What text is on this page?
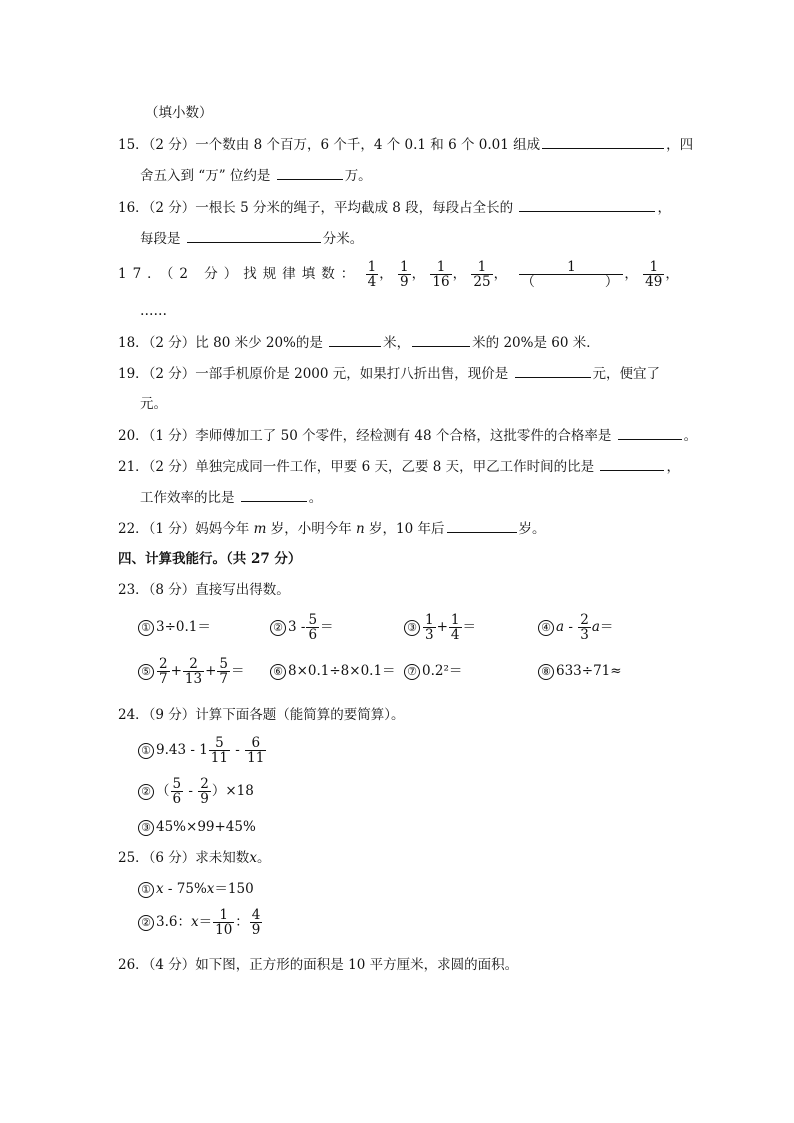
（填小数）
15．（2 分）一个数由 8 个百万，6 个千，4 个 0.1 和 6 个 0.01 组成	，四
舍五入到 “万” 位约是	万。
16．（2 分）一根长 5 分米的绳子，平均截成 8 段，每段占全长的	，
每段是	分米。
17．（2 分）找规律填数： $\frac{1}{4}$ ， $\frac{1}{9}$ ， $\frac{1}{16}$ ， $\frac{1}{25}$ ， 1
（	） ， $\frac{1}{49}$ ，
……
18．（2 分）比 80 米少 20%的是	米，	米的 20%是 60 米．
19．（2 分）一部手机原价是 2000 元，如果打八折出售，现价是	元，便宜了
元。
20．（1 分）李师傅加工了 50 个零件，经检测有 48 个合格，这批零件的合格率是	。
21．（2 分）单独完成同一件工作，甲要 6 天，乙要 8 天，甲乙工作时间的比是	，
工作效率的比是	。
22．（1 分）妈妈今年 m 岁，小明今年 n 岁，10 年后	岁。
四、计算我能行。（共 27 分）
23．（8 分）直接写出得数。
① 3÷0.1＝	② $3 - \frac{5}{6}$ ＝	③ $\frac{1}{3} + \frac{1}{4}$ ＝	④ $a - \frac{2}{3} a=$
⑤ $\frac{2}{7} + \frac{2}{13} + \frac{5}{7}$ ＝	⑥ 8×0.1÷8×0.1＝ ⑦ 0.2²＝	⑧ 633÷71≈
24．（9 分）计算下面各题（能简算的要简算）。
① $9.43 - 1 \frac{5}{11} - \frac{6}{11}$
② （ $\frac{5}{6} - \frac{2}{9} )\times 18$
③ 45%×99+45%
25．（6 分）求未知数x。
① x - 75%x＝150
② 3.6：$x= \frac{1}{10}$ ： $\frac{4}{9}$
26．（4 分）如下图，正方形的面积是 10 平方厘米，求圆的面积。
